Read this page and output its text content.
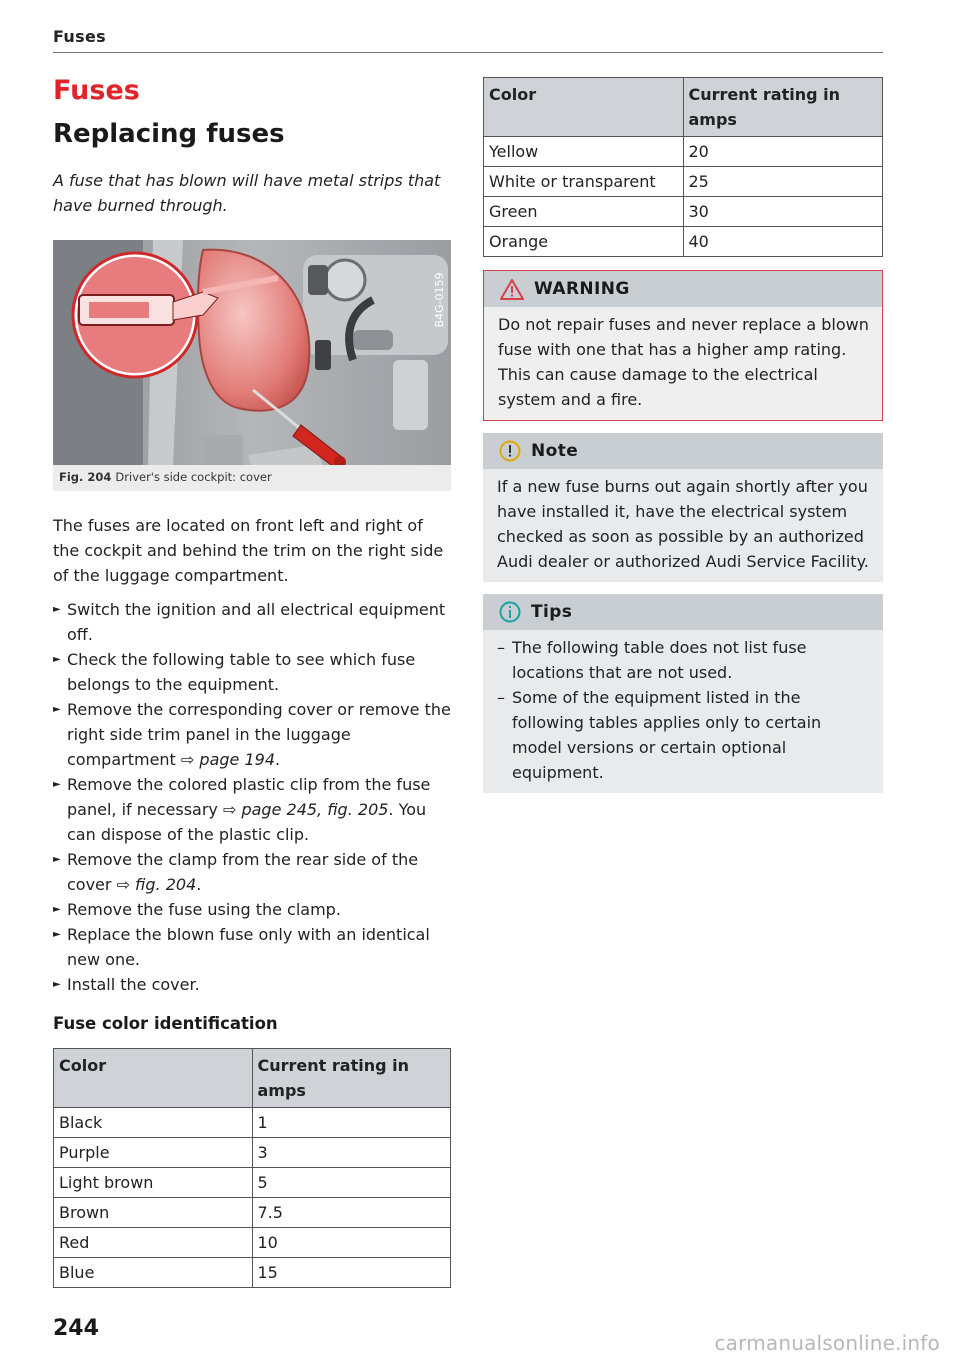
Fuses
Fuses
Replacing fuses

A fuse that has blown will have metal strips that have burned through.

B4G-0159
Fig. 204 Driver's side cockpit: cover

The fuses are located on front left and right of the cockpit and behind the trim on the right side of the luggage compartment.

► Switch the ignition and all electrical equipment off.
► Check the following table to see which fuse belongs to the equipment.
► Remove the corresponding cover or remove the right side trim panel in the luggage compartment ⇨ page 194.
► Remove the colored plastic clip from the fuse panel, if necessary ⇨ page 245, fig. 205. You can dispose of the plastic clip.
► Remove the clamp from the rear side of the cover ⇨ fig. 204.
► Remove the fuse using the clamp.
► Replace the blown fuse only with an identical new one.
► Install the cover.
Fuse color identification
Color	Current rating in amps
Black	1
Purple	3
Light brown	5
Brown	7.5
Red	10
Blue	15
Color	Current rating in amps
Yellow	20
White or transparent	25
Green	30
Orange	40
WARNING
Do not repair fuses and never replace a blown fuse with one that has a higher amp rating. This can cause damage to the electrical system and a fire.
Note
If a new fuse burns out again shortly after you have installed it, have the electrical system checked as soon as possible by an authorized Audi dealer or authorized Audi Service Facility.
Tips
– The following table does not list fuse locations that are not used.
– Some of the equipment listed in the following tables applies only to certain model versions or certain optional equipment.
244
carmanualsonline.info
